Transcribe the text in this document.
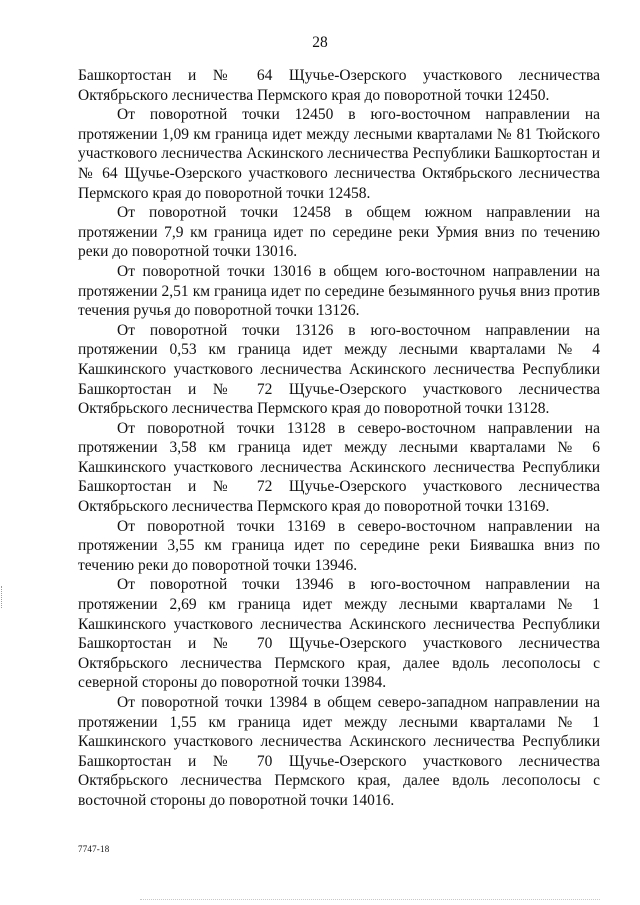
28

Башкортостан и № 64 Щучье-Озерского участкового лесничества Октябрьского лесничества Пермского края до поворотной точки 12450.

От поворотной точки 12450 в юго-восточном направлении на протяжении 1,09 км граница идет между лесными кварталами № 81 Тюйского участкового лесничества Аскинского лесничества Республики Башкортостан и № 64 Щучье-Озерского участкового лесничества Октябрьского лесничества Пермского края до поворотной точки 12458.

От поворотной точки 12458 в общем южном направлении на протяжении 7,9 км граница идет по середине реки Урмия вниз по течению реки до поворотной точки 13016.

От поворотной точки 13016 в общем юго-восточном направлении на протяжении 2,51 км граница идет по середине безымянного ручья вниз против течения ручья до поворотной точки 13126.

От поворотной точки 13126 в юго-восточном направлении на протяжении 0,53 км граница идет между лесными кварталами № 4 Кашкинского участкового лесничества Аскинского лесничества Республики Башкортостан и № 72 Щучье-Озерского участкового лесничества Октябрьского лесничества Пермского края до поворотной точки 13128.

От поворотной точки 13128 в северо-восточном направлении на протяжении 3,58 км граница идет между лесными кварталами № 6 Кашкинского участкового лесничества Аскинского лесничества Республики Башкортостан и № 72 Щучье-Озерского участкового лесничества Октябрьского лесничества Пермского края до поворотной точки 13169.

От поворотной точки 13169 в северо-восточном направлении на протяжении 3,55 км граница идет по середине реки Биявашка вниз по течению реки до поворотной точки 13946.

От поворотной точки 13946 в юго-восточном направлении на протяжении 2,69 км граница идет между лесными кварталами № 1 Кашкинского участкового лесничества Аскинского лесничества Республики Башкортостан и № 70 Щучье-Озерского участкового лесничества Октябрьского лесничества Пермского края, далее вдоль лесополосы с северной стороны до поворотной точки 13984.

От поворотной точки 13984 в общем северо-западном направлении на протяжении 1,55 км граница идет между лесными кварталами № 1 Кашкинского участкового лесничества Аскинского лесничества Республики Башкортостан и № 70 Щучье-Озерского участкового лесничества Октябрьского лесничества Пермского края, далее вдоль лесополосы с восточной стороны до поворотной точки 14016.

7747-18
